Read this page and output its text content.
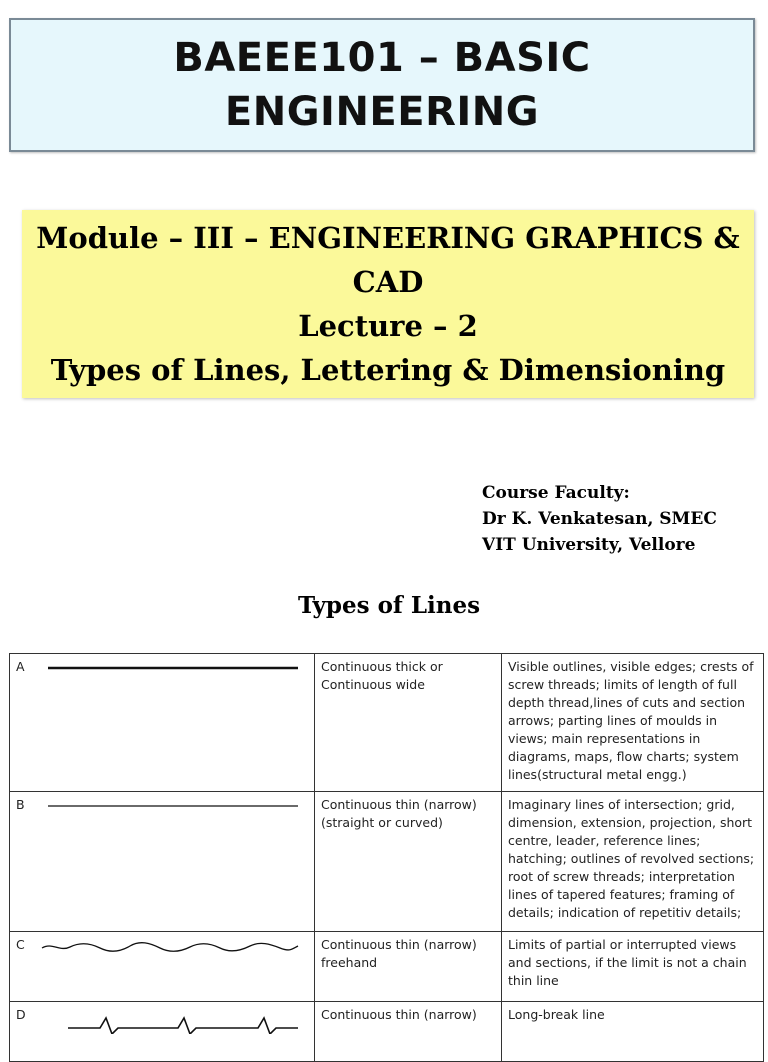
BAEEE101 – BASIC
ENGINEERING
Module – III – ENGINEERING GRAPHICS &
CAD
Lecture – 2
Types of Lines, Lettering & Dimensioning
Course Faculty:
Dr K. Venkatesan, SMEC
VIT University, Vellore
Types of Lines
A	Continuous thick or Continuous wide	Visible outlines, visible edges; crests of screw threads; limits of length of full depth thread,lines of cuts and section arrows; parting lines of moulds in views; main representations in diagrams, maps, flow charts; system lines(structural metal engg.)

B	Continuous thin (narrow) (straight or curved)	Imaginary lines of intersection; grid, dimension, extension, projection, short centre, leader, reference lines; hatching; outlines of revolved sections; root of screw threads; interpretation lines of tapered features; framing of details; indication of repetitiv details;

C	Continuous thin (narrow) freehand	Limits of partial or interrupted views and sections, if the limit is not a chain thin line

D	Continuous thin (narrow)	Long-break line
